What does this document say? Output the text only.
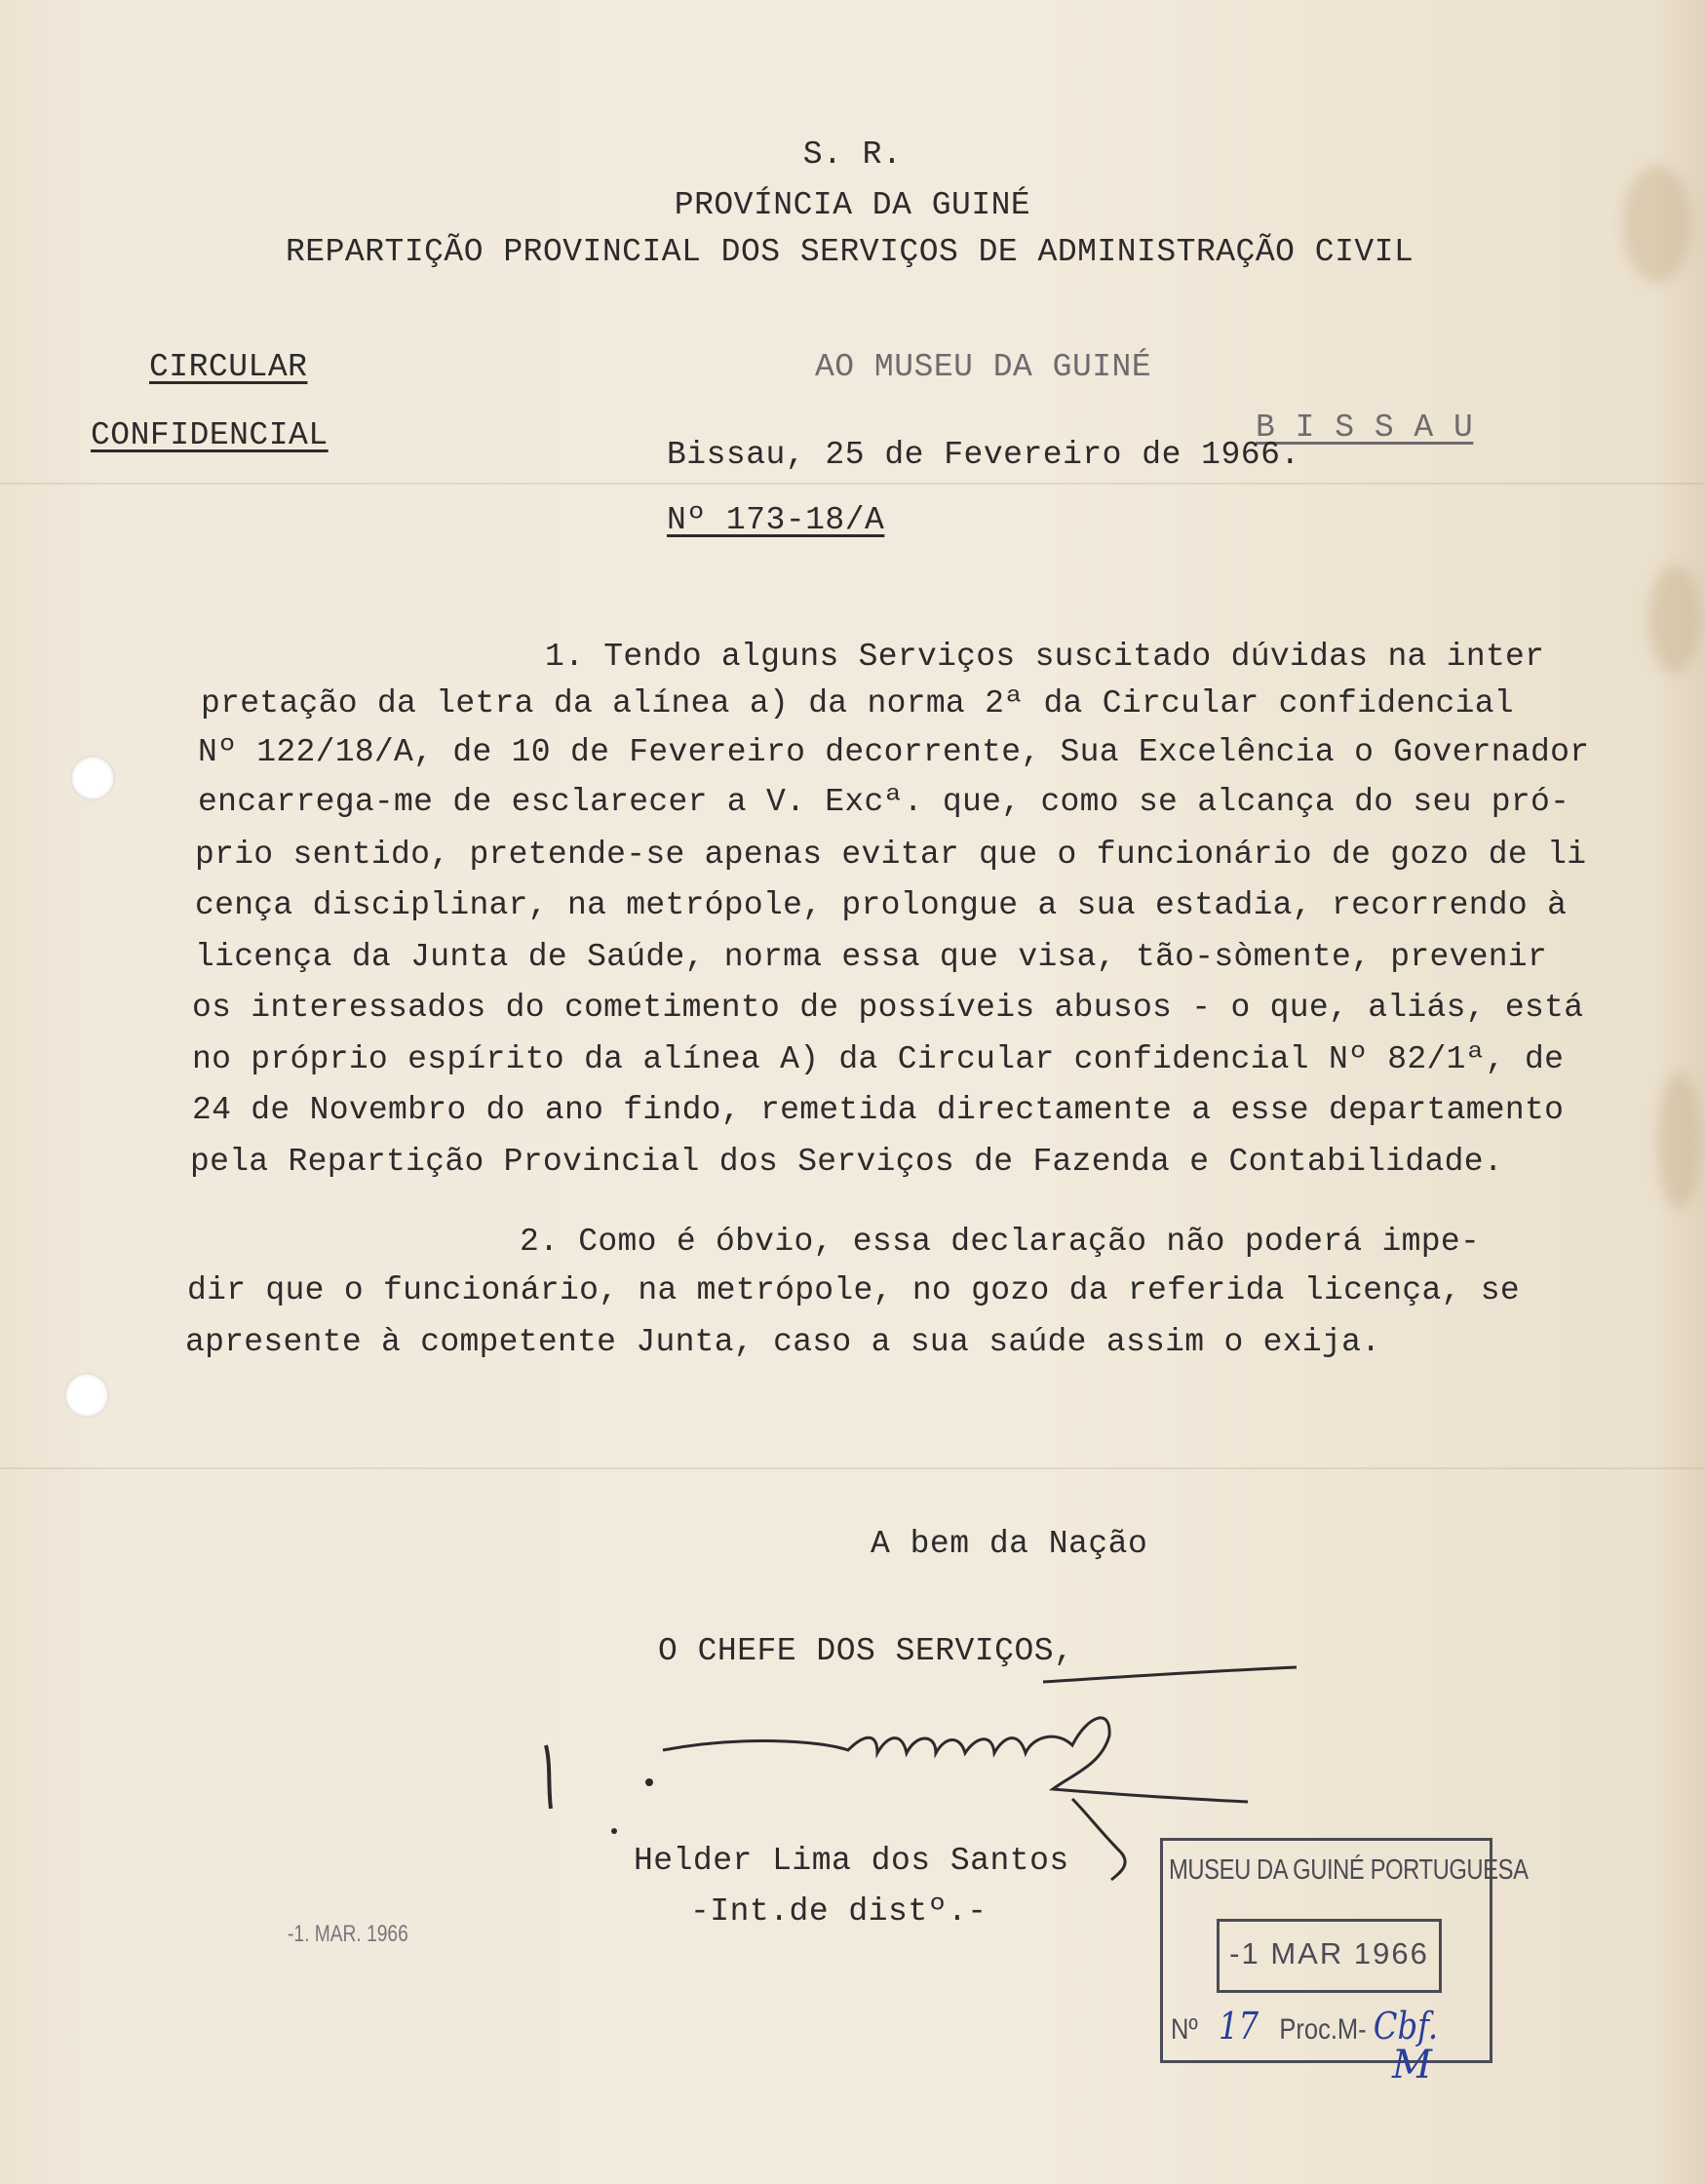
S. R.
PROVÍNCIA DA GUINÉ
REPARTIÇÃO PROVINCIAL DOS SERVIÇOS DE ADMINISTRAÇÃO CIVIL
CIRCULAR
CONFIDENCIAL
AO MUSEU DA GUINÉ
B I S S A U
Bissau, 25 de Fevereiro de 1966.
Nº 173-18/A
1. Tendo alguns Serviços suscitado dúvidas na inter
pretação da letra da alínea a) da norma 2ª da Circular confidencial
Nº 122/18/A, de 10 de Fevereiro decorrente, Sua Excelência o Governador
encarrega-me de esclarecer a V. Excª. que, como se alcança do seu pró-
prio sentido, pretende-se apenas evitar que o funcionário de gozo de li
cença disciplinar, na metrópole, prolongue a sua estadia, recorrendo à
licença da Junta de Saúde, norma essa que visa, tão-sòmente, prevenir
os interessados do cometimento de possíveis abusos - o que, aliás, está
no próprio espírito da alínea A) da Circular confidencial Nº 82/1ª, de
24 de Novembro do ano findo, remetida directamente a esse departamento
pela Repartição Provincial dos Serviços de Fazenda e Contabilidade.
2. Como é óbvio, essa declaração não poderá impe-
dir que o funcionário, na metrópole, no gozo da referida licença, se
apresente à competente Junta, caso a sua saúde assim o exija.
A bem da Nação
O CHEFE DOS SERVIÇOS,
Helder Lima dos Santos
-Int.de distº.-
-1. MAR. 1966
MUSEU DA GUINÉ PORTUGUESA
-1 MAR 1966
Nº 17 Proc.M- Cbf.
M
